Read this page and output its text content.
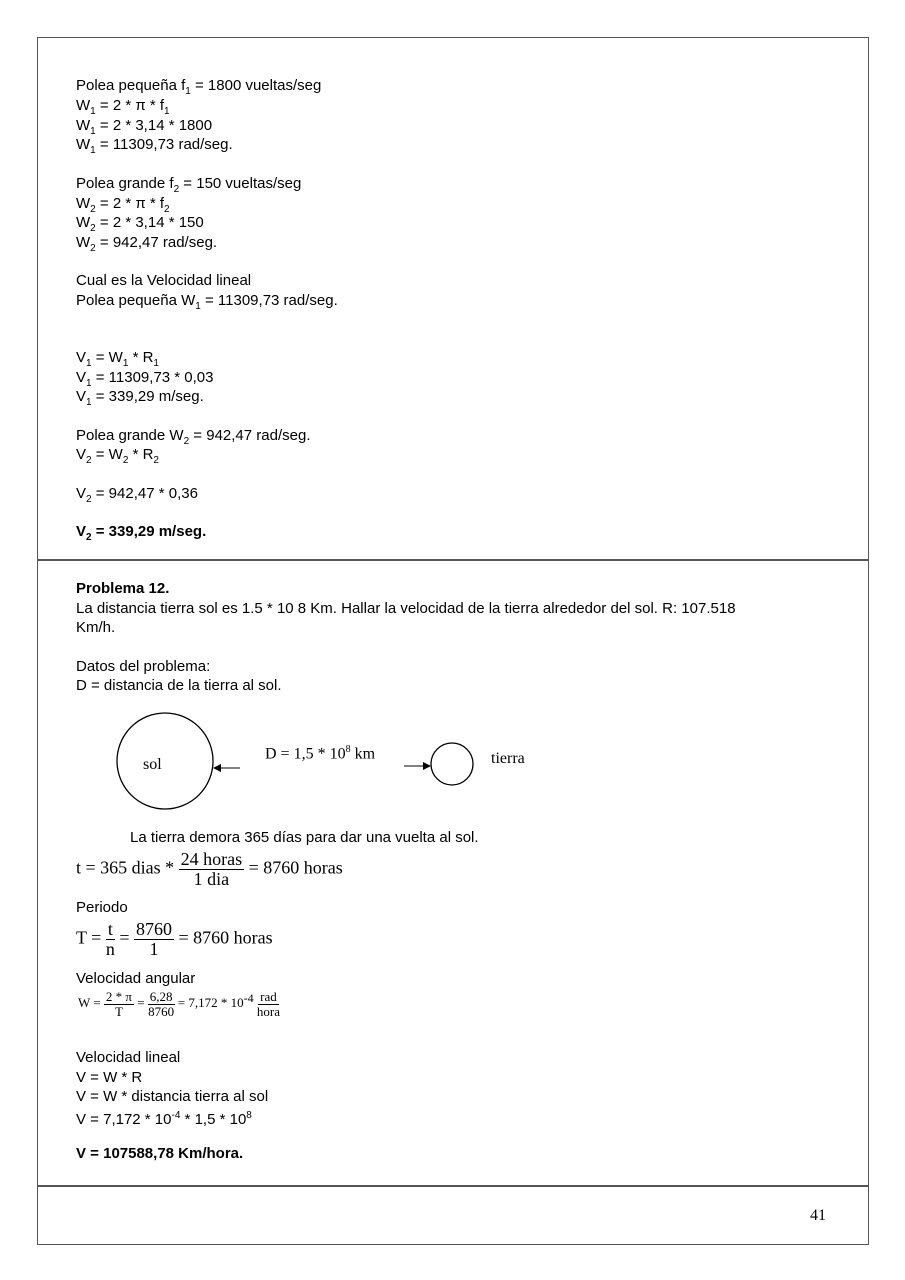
Polea pequeña $f_1 = 1800$ vueltas/seg
$W_1 = 2 * \pi * f_1$
$W_1 = 2 * 3,14 * 1800$
$W_1 = 11309,73$ rad/seg.
Polea grande $f_2 = 150$ vueltas/seg
$W_2 = 2 * \pi * f_2$
$W_2 = 2 * 3,14 * 150$
$W_2 = 942,47$ rad/seg.
Cual es la Velocidad lineal
Polea pequeña $W_1 = 11309,73$ rad/seg.
$V_1 = W_1 * R_1$
$V_1 = 11309,73 * 0,03$
$V_1 = 339,29$ m/seg.
Polea grande $W_2 = 942,47$ rad/seg.
$V_2 = W_2 * R_2$
$V_2 = 942,47 * 0,36$
$V_2 = 339,29$ m/seg.
Problema 12.
La distancia tierra sol es 1.5 * 10 8 Km. Hallar la velocidad de la tierra alrededor del sol. R: 107.518
Km/h.
Datos del problema:
D = distancia de la tierra al sol.
Velocidad lineal
V = W * R
V = W * distancia tierra al sol
$V = 7,172 * 10^{-4} * 1,5 * 10^8$
V = 107588,78 Km/hora.
sol	tierra
$D = 1,5 * 10^8$ km
La tierra demora 365 días para dar una vuelta al sol.
t = 365 dias * $\frac{\text{24 horas}}{\text{1 dia}} = 8760$ horas
Periodo
$T = \frac{t}{n} = \frac{8760}{1} = 8760$ horas
Velocidad angular
$W = \frac{2 * \pi}{T} = \frac{6,28}{8760} = 7,172 * 10^{-4} \frac{\text{rad}}{\text{hora}}$
41
